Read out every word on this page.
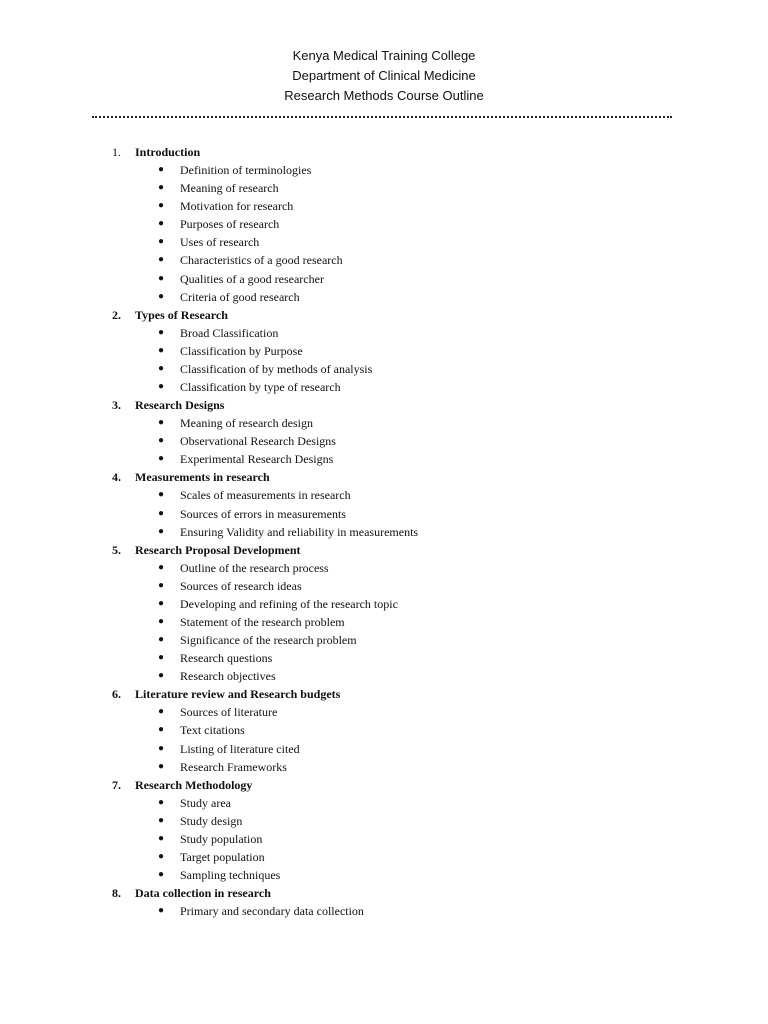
Kenya Medical Training College
Department of Clinical Medicine
Research Methods Course Outline
1.	Introduction
● Definition of terminologies
● Meaning of research
● Motivation for research
● Purposes of research
● Uses of research
● Characteristics of a good research
● Qualities of a good researcher
● Criteria of good research
2.	Types of Research
● Broad Classification
● Classification by Purpose
● Classification of by methods of analysis
● Classification by type of research
3.	Research Designs
● Meaning of research design
● Observational Research Designs
● Experimental Research Designs
4.	Measurements in research
● Scales of measurements in research
● Sources of errors in measurements
● Ensuring Validity and reliability in measurements
5.	Research Proposal Development
● Outline of the research process
● Sources of research ideas
● Developing and refining of the research topic
● Statement of the research problem
● Significance of the research problem
● Research questions
● Research objectives
6.	Literature review and Research budgets
● Sources of literature
● Text citations
● Listing of literature cited
● Research Frameworks
7.	Research Methodology
● Study area
● Study design
● Study population
● Target population
● Sampling techniques
8.	Data collection in research
● Primary and secondary data collection
